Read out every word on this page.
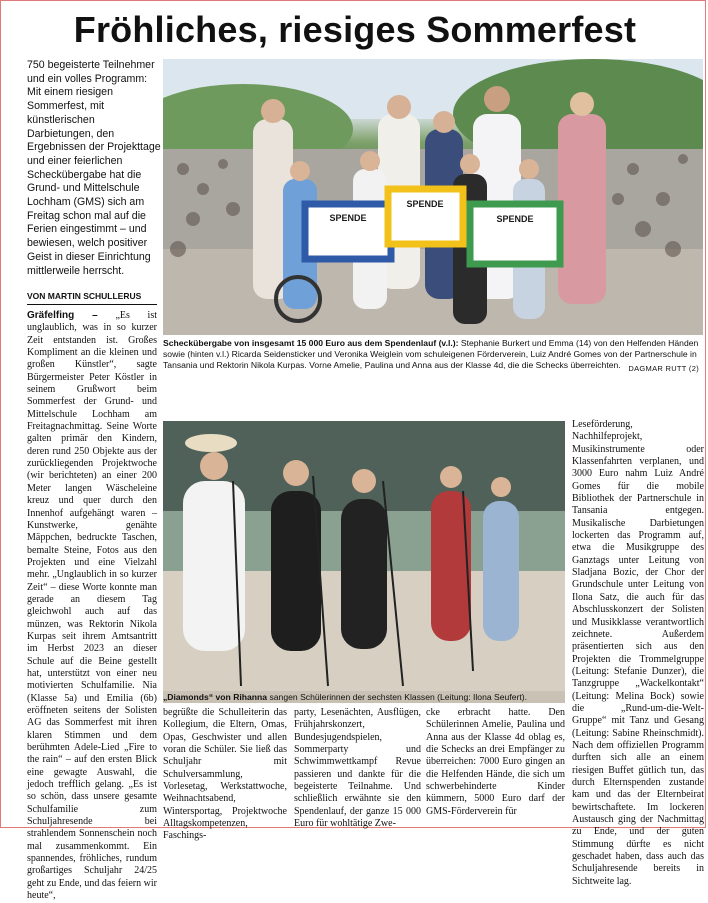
Fröhliches, riesiges Sommerfest
750 begeisterte Teilnehmer und ein volles Programm: Mit einem riesigen Sommerfest, mit künstlerischen Darbietungen, den Ergebnissen der Projekttage und einer feierlichen Scheckübergabe hat die Grund- und Mittelschule Lochham (GMS) sich am Freitag schon mal auf die Ferien eingestimmt – und bewiesen, welch positiver Geist in dieser Einrichtung mittlerweile herrscht.
VON MARTIN SCHULLERUS

Gräfelfing – „Es ist unglaublich, was in so kurzer Zeit entstanden ist. Großes Kompliment an die kleinen und großen Künstler“, sagte Bürgermeister Peter Köstler in seinem Grußwort beim Sommerfest der Grund- und Mittelschule Lochham am Freitagnachmittag. Seine Worte galten primär den Kindern, deren rund 250 Objekte aus der zurückliegenden Projektwoche (wir berichteten) an einer 200 Meter langen Wäscheleine kreuz und quer durch den Innenhof aufgehängt waren – Kunstwerke, genähte Mäppchen, bedruckte Taschen, bemalte Steine, Fotos aus den Projekten und eine Vielzahl mehr. „Unglaublich in so kurzer Zeit“ – diese Worte konnte man gerade an diesem Tag gleichwohl auch auf das münzen, was Rektorin Nikola Kurpas seit ihrem Amtsantritt im Herbst 2023 an dieser Schule auf die Beine gestellt hat, unterstützt von einer neu motivierten Schulfamilie. Nia (Klasse 5a) und Emilia (6b) eröffneten seitens der Solisten AG das Sommerfest mit ihren klaren Stimmen und dem berühmten Adele-Lied „Fire to the rain“ – auf den ersten Blick eine gewagte Auswahl, die jedoch trefflich gelang. „Es ist so schön, dass unsere gesamte Schulfamilie zum Schuljahresende bei strahlendem Sonnenschein noch mal zusammenkommt. Ein spannendes, fröhliches, rundum großartiges Schuljahr 24/25 geht zu Ende, und das feiern wir heute“,

SPENDE
SPENDE
SPENDE
Scheckübergabe von insgesamt 15 000 Euro aus dem Spendenlauf (v.l.): Stephanie Burkert und Emma (14) von den Helfenden Händen sowie (hinten v.l.) Ricarda Seidensticker und Veronika Weiglein vom schuleigenen Förderverein, Luiz André Gomes von der Partnerschule in Tansania und Rektorin Nikola Kurpas. Vorne Amelie, Paulina und Anna aus der Klasse 4d, die die Schecks überreichten.	DAGMAR RUTT (2)
Leseförderung, Nachhilfeprojekt, Musikinstrumente oder Klassenfahrten verplanen, und 3000 Euro nahm Luiz André Gomes für die mobile Bibliothek der Partnerschule in Tansania entgegen. Musikalische Darbietungen lockerten das Programm auf, etwa die Musikgruppe des Ganztags unter Leitung von Sladjana Bozic, der Chor der Grundschule unter Leitung von Ilona Satz, die auch für das Abschlusskonzert der Solisten und Musikklasse verantwortlich zeichnete. Außerdem präsentierten sich aus den Projekten die Trommelgruppe (Leitung: Stefanie Dunzer), die Tanzgruppe „Wackelkontakt“ (Leitung: Melina Bock) sowie die „Rund-um-die-Welt-Gruppe“ mit Tanz und Gesang (Leitung: Sabine Rheinschmidt). Nach dem offiziellen Programm durften sich alle an einem riesigen Buffet gütlich tun, das durch Elternspenden zustande kam und das der Elternbeirat bewirtschaftete. Im lockeren Austausch ging der Nachmittag zu Ende, und der guten Stimmung dürfte es nicht geschadet haben, dass auch das Schuljahresende bereits in Sichtweite lag.
„Diamonds“ von Rihanna sangen Schülerinnen der sechsten Klassen (Leitung: Ilona Seufert).
begrüßte die Schulleiterin das Kollegium, die Eltern, Omas, Opas, Geschwister und allen voran die Schüler. Sie ließ das Schuljahr mit Schulversammlung, Vorlesetag, Werkstattwoche, Weihnachtsabend, Wintersportag, Projektwoche Alltagskompetenzen, Faschings-
party, Lesenächten, Ausflügen, Frühjahrskonzert, Bundesjugendspielen, Sommerparty und Schwimmwettkampf Revue passieren und dankte für die begeisterte Teilnahme. Und schließlich erwähnte sie den Spendenlauf, der ganze 15 000 Euro für wohltätige Zwe-
cke erbracht hatte. Den Schülerinnen Amelie, Paulina und Anna aus der Klasse 4d oblag es, die Schecks an drei Empfänger zu überreichen: 7000 Euro gingen an die Helfenden Hände, die sich um schwerbehinderte Kinder kümmern, 5000 Euro darf der GMS-Förderverein für
